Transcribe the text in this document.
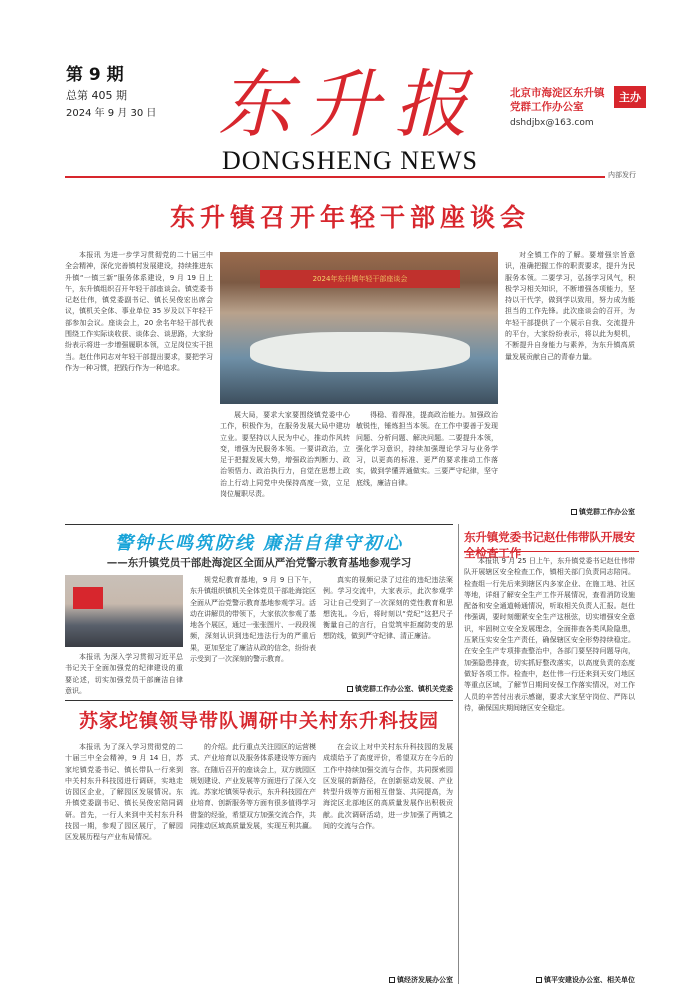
第 9 期
总第 405 期
2024 年 9 月 30 日 东升报
DONGSHENG NEWS
北京市海淀区东升镇
党群工作办公室
主办
dshdjbx@163.com
内部发行
东升镇召开年轻干部座谈会

本报讯 为进一步学习贯彻党的二十届三中全会精神，深化完善镇村发展建设，持续推进东升镇“一镇三新”服务体系建设，9 月 19 日上午，东升镇组织召开年轻干部座谈会。镇党委书记赵仕伟，镇党委副书记、镇长吴俊宏出席会议，镇机关全体、事业单位 35 岁及以下年轻干部参加会议。座谈会上，20 余名年轻干部代表围绕工作实际谈收获、谈体会、谈思路，大家纷纷表示将进一步增强履职本领，立足岗位实干担当。赵仕伟同志对年轻干部提出要求，要把学习作为一种习惯，把践行作为一种追求。

2024年东升镇年轻干部座谈会

展大局，要求大家要围绕镇党委中心工作，积极作为，在服务发展大局中建功立业。要坚持以人民为中心，推动作风转变，增强为民服务本领。一要讲政治，立足于把握发展大势，增强政治判断力、政治领悟力、政治执行力，自觉在思想上政治上行动上同党中央保持高度一致，立足岗位履职尽责。

得稳、看得准，提高政治能力。加强政治敏锐性，锤炼担当本领。在工作中要善于发现问题、分析问题、解决问题。二要提升本领，强化学习意识，持续加强理论学习与业务学习，以更高的标准、更严的要求推动工作落实，做到学懂弄通做实。三要严守纪律，坚守底线，廉洁自律。

对全镇工作的了解。要增强宗旨意识，准确把握工作的职责要求，提升为民服务本领。二要学习，弘扬学习风气，积极学习相关知识，不断增强各项能力，坚持以干代学，做到学以致用，努力成为能担当的工作先锋。此次座谈会的召开，为年轻干部提供了一个展示自我、交流提升的平台，大家纷纷表示，将以此为契机，不断提升自身能力与素养，为东升镇高质量发展贡献自己的青春力量。

镇党群工作办公室
警钟长鸣筑防线 廉洁自律守初心
——东升镇党员干部赴海淀区全面从严治党警示教育基地参观学习

本报讯 为深入学习贯彻习近平总书记关于全面加强党的纪律建设的重要论述，切实加强党员干部廉洁自律意识。

规党纪教育基地，9 月 9 日下午，东升镇组织镇机关全体党员干部赴海淀区全面从严治党警示教育基地参观学习。活动在讲解员的带领下，大家依次参观了基地各个展区，通过一张张图片、一段段视频，深刻认识到违纪违法行为的严重后果，更加坚定了廉洁从政的信念，纷纷表示受到了一次深刻的警示教育。

真实的视频记录了过往的违纪违法案例。学习交流中，大家表示，此次参观学习让自己受到了一次深刻的党性教育和思想洗礼。今后，将时刻以“党纪”这把尺子衡量自己的言行，自觉筑牢拒腐防变的思想防线，做到严守纪律、清正廉洁。

镇党群工作办公室、镇机关党委
东升镇党委书记赵仕伟带队开展安全检查工作

本报讯 9 月 25 日上午，东升镇党委书记赵仕伟带队开展辖区安全检查工作，镇相关部门负责同志陪同。检查组一行先后来到辖区内多家企业、在施工地、社区等地，详细了解安全生产工作开展情况，查看消防设施配备和安全通道畅通情况，听取相关负责人汇报。赵仕伟强调，要时刻绷紧安全生产这根弦，切实增强安全意识，牢固树立安全发展理念，全面排查各类风险隐患，压紧压实安全生产责任，确保辖区安全形势持续稳定。在安全生产专项排查整治中，各部门要坚持问题导向，加强隐患排查，切实抓好整改落实，以高度负责的态度做好各项工作。检查中，赵仕伟一行还来到天安门地区等重点区域，了解节日期间安保工作落实情况，对工作人员的辛苦付出表示感谢，要求大家坚守岗位、严阵以待，确保国庆期间辖区安全稳定。

镇平安建设办公室、相关单位
苏家坨镇领导带队调研中关村东升科技园

本报讯 为了深入学习贯彻党的二十届三中全会精神，9 月 14 日，苏家坨镇党委书记、镇长带队一行来到中关村东升科技园进行调研，实地走访园区企业，了解园区发展情况。东升镇党委副书记、镇长吴俊宏陪同调研。首先，一行人来到中关村东升科技园一期，参观了园区展厅，了解园区发展历程与产业布局情况。

的介绍。此行重点关注园区的运营模式、产业培育以及服务体系建设等方面内容。在随后召开的座谈会上，双方就园区规划建设、产业发展等方面进行了深入交流。苏家坨镇领导表示，东升科技园在产业培育、创新服务等方面有很多值得学习借鉴的经验，希望双方加强交流合作，共同推动区域高质量发展，实现互利共赢。

在会议上对中关村东升科技园的发展成绩给予了高度评价，希望双方在今后的工作中持续加强交流与合作，共同探索园区发展的新路径，在创新驱动发展、产业转型升级等方面相互借鉴、共同提高，为海淀区北部地区的高质量发展作出积极贡献。此次调研活动，进一步加强了两镇之间的交流与合作。

镇经济发展办公室
